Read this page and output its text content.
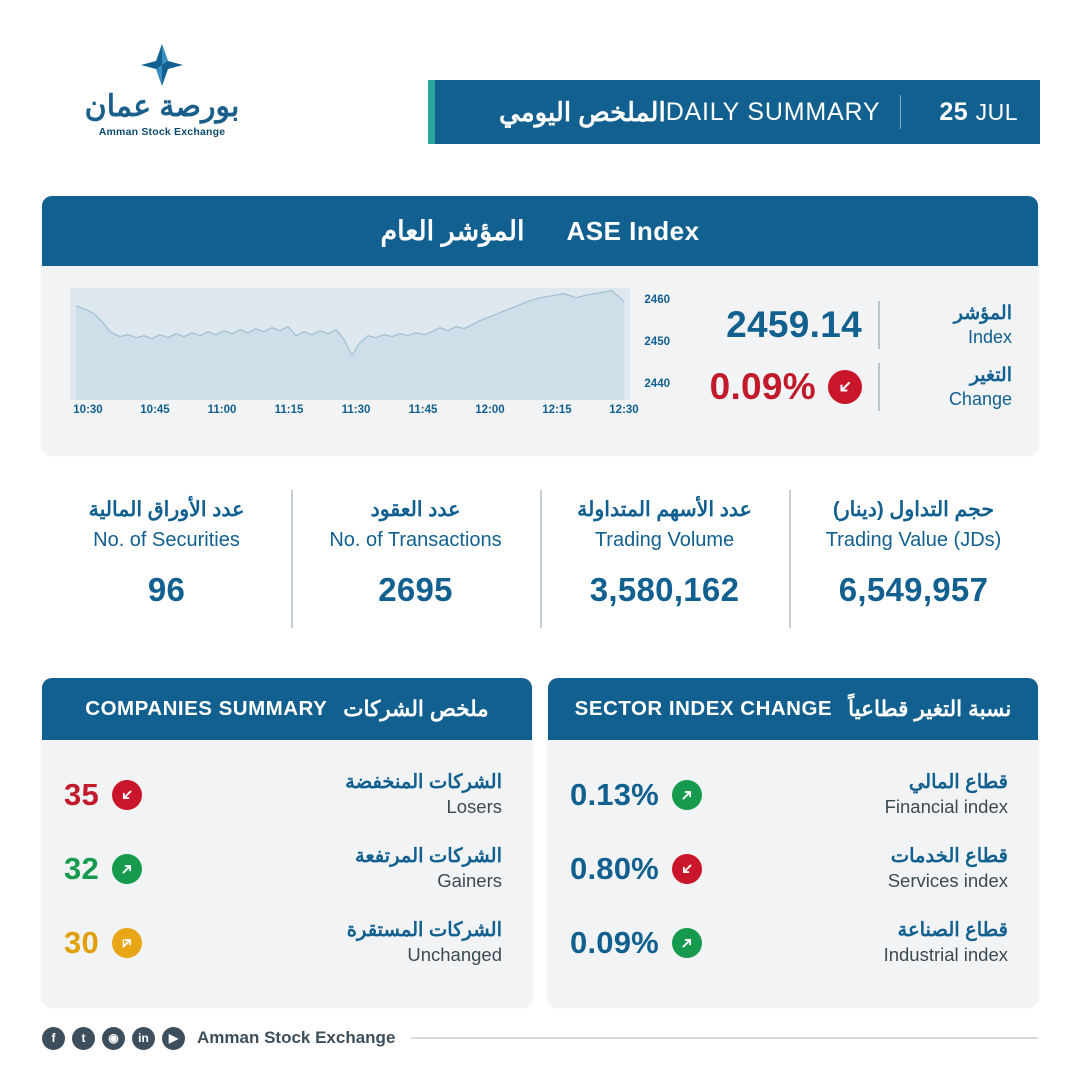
بورصة عمان
Amman Stock Exchange
الملخص اليومي DAILY SUMMARY	25 JUL
المؤشر العام ASE Index
2460
2450
2440
10:30	10:45	11:00	11:15	11:30	11:45	12:00	12:15	12:30
2459.14	المؤشر
Index
0.09%	التغير
Change
عدد الأوراق المالية
No. of Securities
96
عدد العقود
No. of Transactions
2695
عدد الأسهم المتداولة
Trading Volume
3,580,162
حجم التداول (دينار)
Trading Value (JDs)
6,549,957
COMPANIES SUMMARY ملخص الشركات
35	الشركات المنخفضة
Losers
32	الشركات المرتفعة
Gainers
30	الشركات المستقرة
Unchanged
SECTOR INDEX CHANGE نسبة التغير قطاعياً
0.13%	قطاع المالي
Financial index
0.80%	قطاع الخدمات
Services index
0.09%	قطاع الصناعة
Industrial index
f	t	◉	in	▶	Amman Stock Exchange
